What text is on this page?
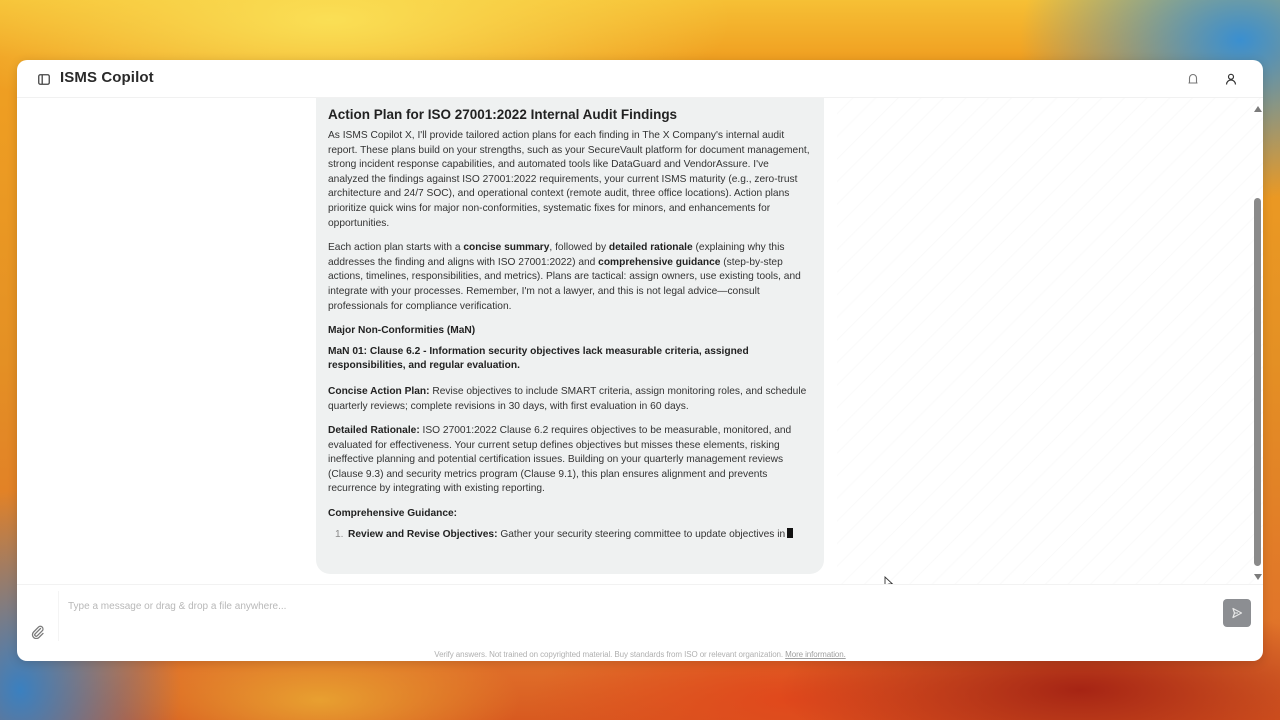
ISMS Copilot
Action Plan for ISO 27001:2022 Internal Audit Findings

As ISMS Copilot X, I'll provide tailored action plans for each finding in The X Company's internal audit report. These plans build on your strengths, such as your SecureVault platform for document management, strong incident response capabilities, and automated tools like DataGuard and VendorAssure. I've analyzed the findings against ISO 27001:2022 requirements, your current ISMS maturity (e.g., zero-trust architecture and 24/7 SOC), and operational context (remote audit, three office locations). Action plans prioritize quick wins for major non-conformities, systematic fixes for minors, and enhancements for opportunities.

Each action plan starts with a concise summary, followed by detailed rationale (explaining why this addresses the finding and aligns with ISO 27001:2022) and comprehensive guidance (step-by-step actions, timelines, responsibilities, and metrics). Plans are tactical: assign owners, use existing tools, and integrate with your processes. Remember, I'm not a lawyer, and this is not legal advice—consult professionals for compliance verification.

Major Non-Conformities (MaN)
MaN 01: Clause 6.2 - Information security objectives lack measurable criteria, assigned responsibilities, and regular evaluation.

Concise Action Plan: Revise objectives to include SMART criteria, assign monitoring roles, and schedule quarterly reviews; complete revisions in 30 days, with first evaluation in 60 days.

Detailed Rationale: ISO 27001:2022 Clause 6.2 requires objectives to be measurable, monitored, and evaluated for effectiveness. Your current setup defines objectives but misses these elements, risking ineffective planning and potential certification issues. Building on your quarterly management reviews (Clause 9.3) and security metrics program (Clause 9.1), this plan ensures alignment and prevents recurrence by integrating with existing reporting.

Comprehensive Guidance:
1. Review and Revise Objectives: Gather your security steering committee to update objectives in
Type a message or drag & drop a file anywhere...
Verify answers. Not trained on copyrighted material. Buy standards from ISO or relevant organization. More information.
